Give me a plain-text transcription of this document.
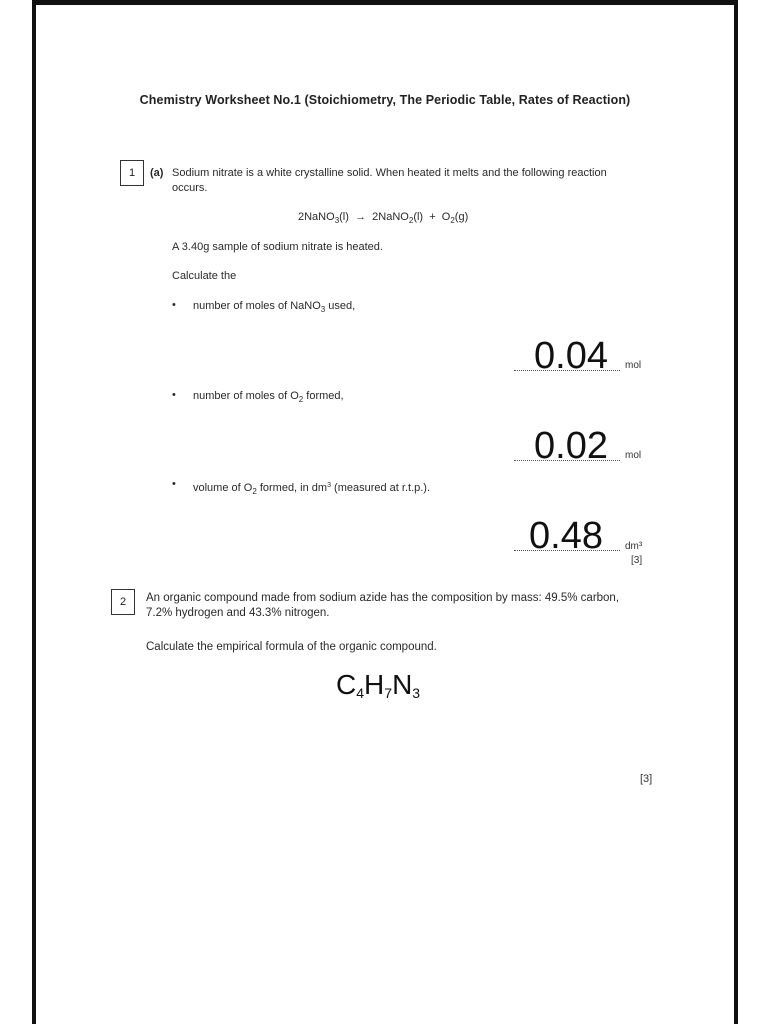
Chemistry Worksheet No.1 (Stoichiometry, The Periodic Table, Rates of Reaction)
1	(a) Sodium nitrate is a white crystalline solid. When heated it melts and the following reaction
occurs.
2NaNO$_3$(l) → 2NaNO$_2$(l) + $O_2(g)$
A 3.40g sample of sodium nitrate is heated.
Calculate the
• number of moles of NaNO$_3$ used,
0.04 mol
• number of moles of $O_2$ formed,
0.02 mol
• volume of $O_2$ formed, in $dm^3$ (measured at r.t.p.).
0.48 dm³
[3]
2	An organic compound made from sodium azide has the composition by mass: 49.5% carbon,
7.2% hydrogen and 43.3% nitrogen.
Calculate the empirical formula of the organic compound.
$C_4H_7N_3$
[3]
